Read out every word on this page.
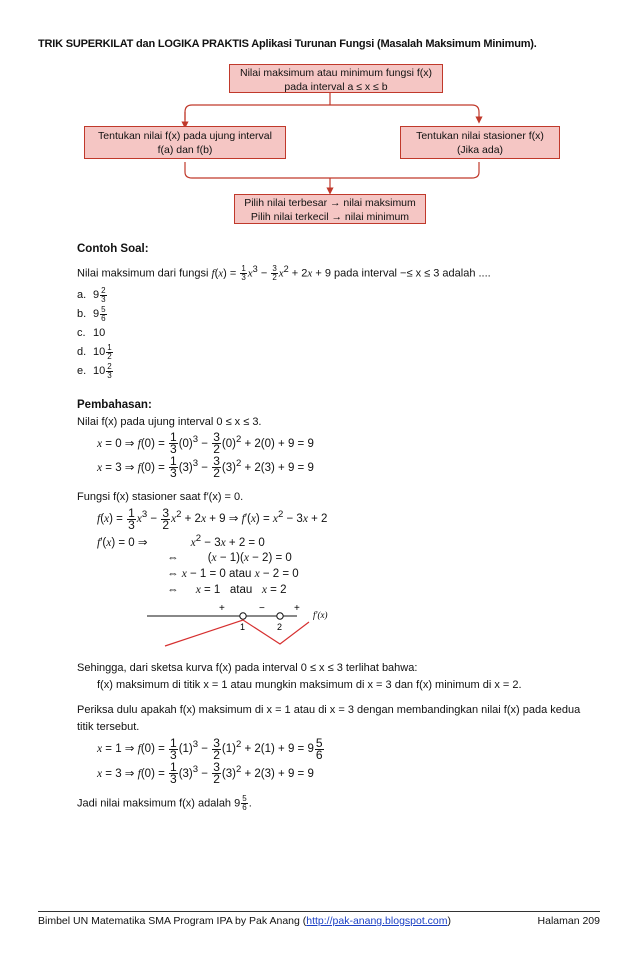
TRIK SUPERKILAT dan LOGIKA PRAKTIS Aplikasi Turunan Fungsi (Masalah Maksimum Minimum).
Nilai maksimum atau minimum fungsi f(x)
pada interval a ≤ x ≤ b
Tentukan nilai f(x) pada ujung interval
f(a) dan f(b)
Tentukan nilai stasioner f(x)
(Jika ada)
Pilih nilai terbesar → nilai maksimum
Pilih nilai terkecil → nilai minimum
Contoh Soal:
Nilai maksimum dari fungsi $f(x) = \frac{1}{3} x^3 - \frac{3}{2} x^2 + 2x + 9$ pada interval −≤ x ≤ 3 adalah ....
a. $9 \frac{2}{3}$
b. $9 \frac{5}{6}$
c. 10
d. $10 \frac{1}{2}$
e. $10 \frac{2}{3}$
Pembahasan:
Nilai f(x) pada ujung interval 0 ≤ x ≤ 3.
x = 0 ⇒ $f(0) = \frac{1}{3} (0)^3 - \frac{3}{2} (0)^2 + 2(0) + 9 = 9$
x = 3 ⇒ $f(0) = \frac{1}{3} (3)^3 - \frac{3}{2} (3)^2 + 2(3) + 9 = 9$
Fungsi f(x) stasioner saat f′(x) = 0.
$f(x) = \frac{1}{3} x^3 - \frac{3}{2} x^2 + 2x + 9$ ⇒ $f'(x) = x^2 - 3x + 2$
f′(x) = 0 ⇒	$x^2 - 3x + 2 = 0$
⇔ (x − 1)(x − 2) = 0
⇔ x − 1 = 0 atau x − 2 = 0
⇔ x = 1   atau   x = 2
+	−	+
1	2
f′(x)
Sehingga, dari sketsa kurva f(x) pada interval 0 ≤ x ≤ 3 terlihat bahwa:
f(x) maksimum di titik x = 1 atau mungkin maksimum di x = 3 dan f(x) minimum di x = 2.
Periksa dulu apakah f(x) maksimum di x = 1 atau di x = 3 dengan membandingkan nilai f(x) pada kedua titik tersebut.
x = 1 ⇒ $f(0) = \frac{1}{3} (1)^3 - \frac{3}{2} (1)^2 + 2(1) + 9 = 9 \frac{5}{6}$
x = 3 ⇒ $f(0) = \frac{1}{3} (3)^3 - \frac{3}{2} (3)^2 + 2(3) + 9 = 9$
Jadi nilai maksimum f(x) adalah $9 \frac{5}{6}$ .
Bimbel UN Matematika SMA Program IPA by Pak Anang (http://pak-anang.blogspot.com)	Halaman 209
